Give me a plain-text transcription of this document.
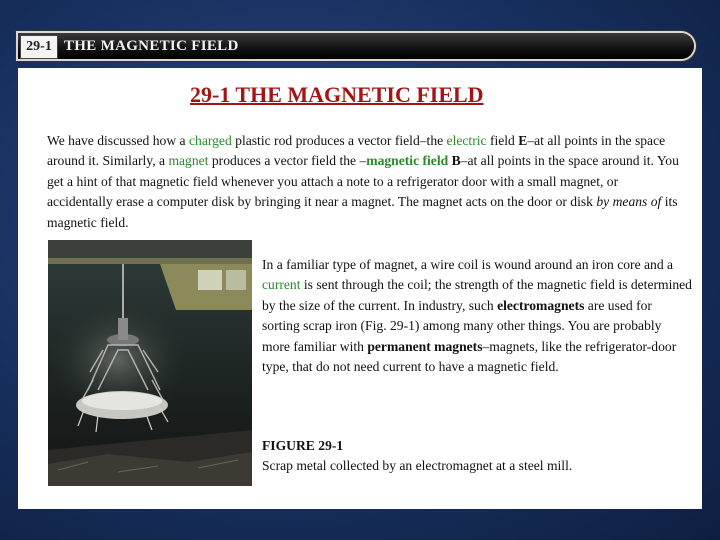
29-1 THE MAGNETIC FIELD
29-1 THE MAGNETIC FIELD

We have discussed how a charged plastic rod produces a vector field–the electric field E–at all points in the space around it. Similarly, a magnet produces a vector field the –magnetic field B–at all points in the space around it. You get a hint of that magnetic field whenever you attach a note to a refrigerator door with a small magnet, or accidentally erase a computer disk by bringing it near a magnet. The magnet acts on the door or disk by means of its magnetic field.

In a familiar type of magnet, a wire coil is wound around an iron core and a current is sent through the coil; the strength of the magnetic field is determined by the size of the current. In industry, such electromagnets are used for sorting scrap iron (Fig. 29-1) among many other things. You are probably more familiar with permanent magnets–magnets, like the refrigerator-door type, that do not need current to have a magnetic field.

FIGURE 29-1
Scrap metal collected by an electromagnet at a steel mill.
